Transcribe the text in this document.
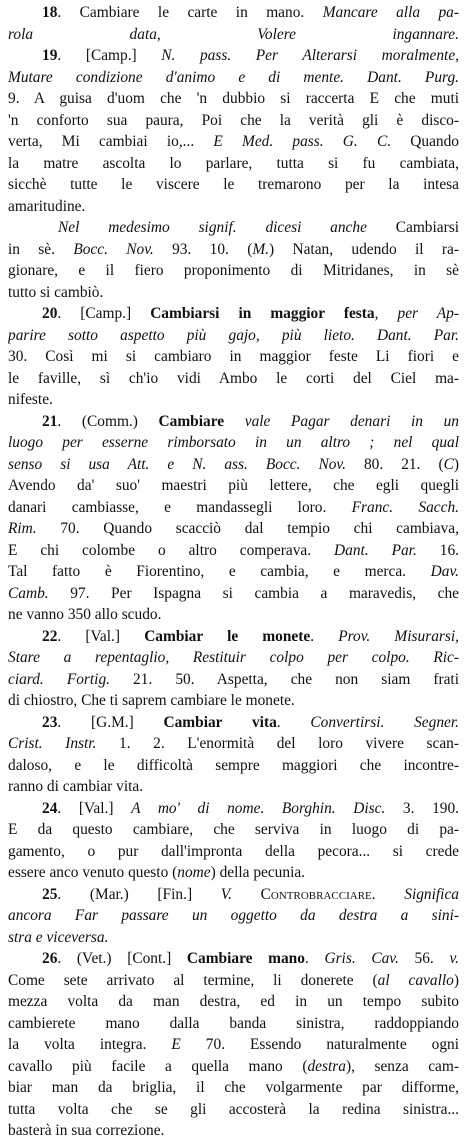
18. Cambiare le carte in mano. Mancare alla pa-
rola data, Volere ingannare.
19. [Camp.] N. pass. Per Alterarsi moralmente,
Mutare condizione d'animo e di mente. Dant. Purg.
9. A guisa d'uom che 'n dubbio si raccerta E che muti
'n conforto sua paura, Poi che la verità gli è disco-
verta, Mi cambiai io,... E Med. pass. G. C. Quando
la matre ascolta lo parlare, tutta si fu cambiata,
sicchè tutte le viscere le tremarono per la intesa
amaritudine.
Nel medesimo signif. dicesi anche Cambiarsi
in sè. Bocc. Nov. 93. 10. (M.) Natan, udendo il ra-
gionare, e il fiero proponimento di Mitridanes, in sè
tutto si cambiò.
20. [Camp.] Cambiarsi in maggior festa, per Ap-
parire sotto aspetto più gajo, più lieto. Dant. Par.
30. Così mi si cambiaro in maggior feste Li fiori e
le faville, sì ch'io vidi Ambo le corti del Ciel ma-
nifeste.
21. (Comm.) Cambiare vale Pagar denari in un
luogo per esserne rimborsato in un altro ; nel qual
senso si usa Att. e N. ass. Bocc. Nov. 80. 21. (C)
Avendo da' suo' maestri più lettere, che egli quegli
danari cambiasse, e mandassegli loro. Franc. Sacch.
Rim. 70. Quando scacciò dal tempio chi cambiava,
E chi colombe o altro comperava. Dant. Par. 16.
Tal fatto è Fiorentino, e cambia, e merca. Dav.
Camb. 97. Per Ispagna si cambia a maravedis, che
ne vanno 350 allo scudo.
22. [Val.] Cambiar le monete. Prov. Misurarsi,
Stare a repentaglio, Restituir colpo per colpo. Ric-
ciard. Fortig. 21. 50. Aspetta, che non siam frati
di chiostro, Che ti saprem cambiare le monete.
23. [G.M.] Cambiar vita. Convertirsi. Segner.
Crist. Instr. 1. 2. L'enormità del loro vivere scan-
daloso, e le difficoltà sempre maggiori che incontre-
ranno di cambiar vita.
24. [Val.] A mo' di nome. Borghin. Disc. 3. 190.
E da questo cambiare, che serviva in luogo di pa-
gamento, o pur dall'impronta della pecora... si crede
essere anco venuto questo (nome) della pecunia.
25. (Mar.) [Fin.] V. Controbracciare. Significa
ancora Far passare un oggetto da destra a sini-
stra e viceversa.
26. (Vet.) [Cont.] Cambiare mano. Gris. Cav. 56. v.
Come sete arrivato al termine, li donerete (al cavallo)
mezza volta da man destra, ed in un tempo subito
cambierete mano dalla banda sinistra, raddoppiando
la volta integra. E 70. Essendo naturalmente ogni
cavallo più facile a quella mano (destra), senza cam-
biar man da briglia, il che volgarmente par difforme,
tutta volta che se gli accosterà la redina sinistra...
basterà in sua correzione.
